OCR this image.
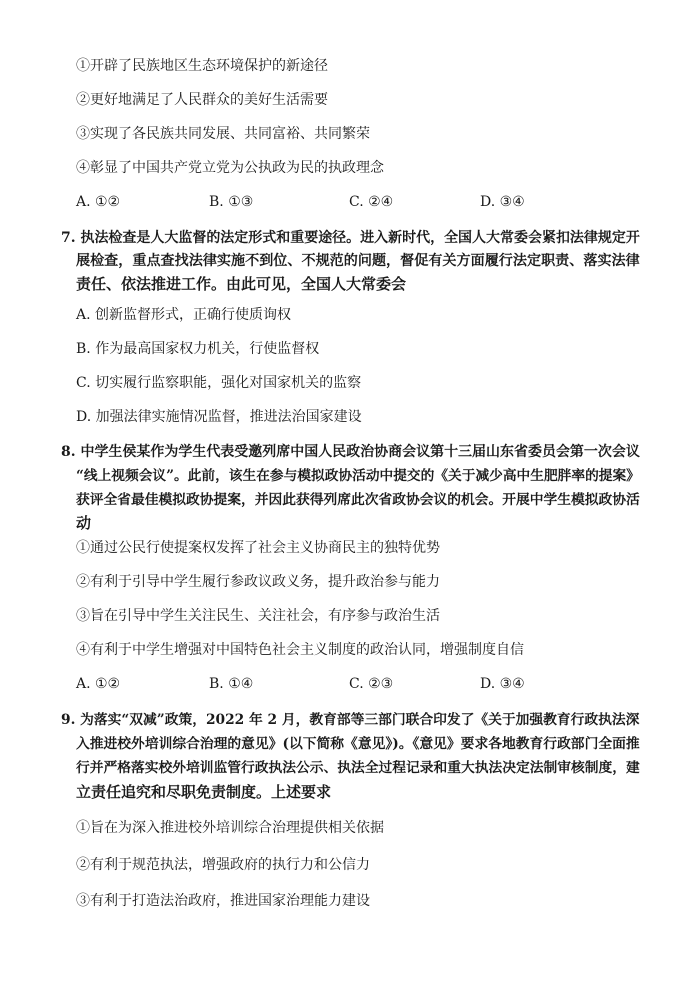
①开辟了民族地区生态环境保护的新途径
②更好地满足了人民群众的美好生活需要
③实现了各民族共同发展、共同富裕、共同繁荣
④彰显了中国共产党立党为公执政为民的执政理念
A. ①②	B. ①③	C. ②④	D. ③④
7. 执法检查是人大监督的法定形式和重要途径。进入新时代，全国人大常委会紧扣法律规定开
展检查，重点查找法律实施不到位、不规范的问题，督促有关方面履行法定职责、落实法律
责任、依法推进工作。由此可见，全国人大常委会
A. 创新监督形式，正确行使质询权
B. 作为最高国家权力机关，行使监督权
C. 切实履行监察职能，强化对国家机关的监察
D. 加强法律实施情况监督，推进法治国家建设
8. 中学生侯某作为学生代表受邀列席中国人民政治协商会议第十三届山东省委员会第一次会议
“线上视频会议”。此前，该生在参与模拟政协活动中提交的《关于减少高中生肥胖率的提案》
获评全省最佳模拟政协提案，并因此获得列席此次省政协会议的机会。开展中学生模拟政协活
动
①通过公民行使提案权发挥了社会主义协商民主的独特优势
②有利于引导中学生履行参政议政义务，提升政治参与能力
③旨在引导中学生关注民生、关注社会，有序参与政治生活
④有利于中学生增强对中国特色社会主义制度的政治认同，增强制度自信
A. ①②	B. ①④	C. ②③	D. ③④
9. 为落实“双减”政策，2022 年 2 月，教育部等三部门联合印发了《关于加强教育行政执法深
入推进校外培训综合治理的意见》(以下简称《意见》)。《意见》要求各地教育行政部门全面推
行并严格落实校外培训监管行政执法公示、执法全过程记录和重大执法决定法制审核制度，建
立责任追究和尽职免责制度。上述要求
①旨在为深入推进校外培训综合治理提供相关依据
②有利于规范执法，增强政府的执行力和公信力
③有利于打造法治政府，推进国家治理能力建设
